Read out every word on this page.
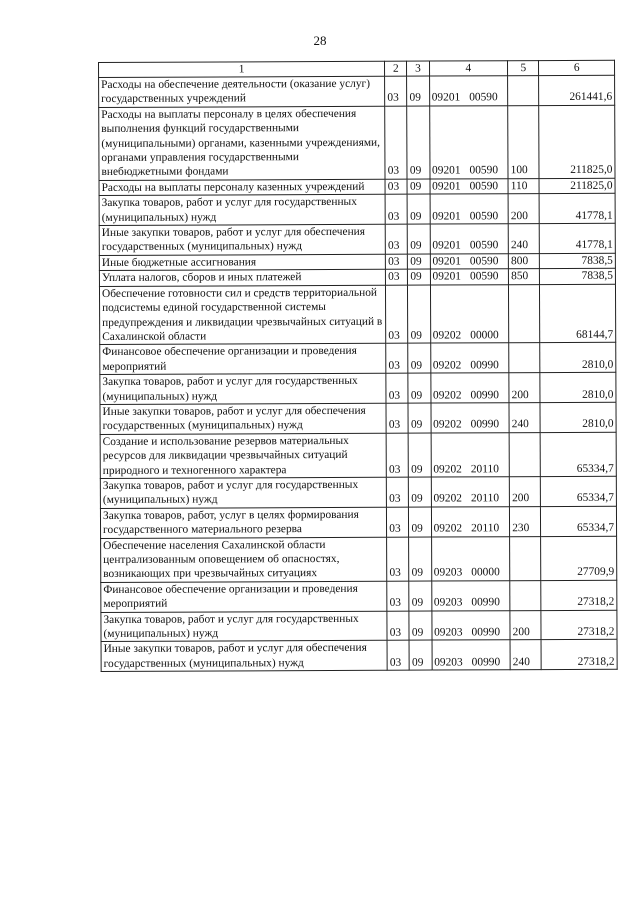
28
1	2	3	4	5	6
Расходы на обеспечение деятельности (оказание услуг) государственных учреждений	03	09	09201 00590		261441,6
Расходы на выплаты персоналу в целях обеспечения выполнения функций государственными (муниципальными) органами, казенными учреждениями, органами управления государственными внебюджетными фондами	03	09	09201 00590	100	211825,0
Расходы на выплаты персоналу казенных учреждений	03	09	09201 00590	110	211825,0
Закупка товаров, работ и услуг для государственных (муниципальных) нужд	03	09	09201 00590	200	41778,1
Иные закупки товаров, работ и услуг для обеспечения государственных (муниципальных) нужд	03	09	09201 00590	240	41778,1
Иные бюджетные ассигнования	03	09	09201 00590	800	7838,5
Уплата налогов, сборов и иных платежей	03	09	09201 00590	850	7838,5
Обеспечение готовности сил и средств территориальной подсистемы единой государственной системы предупреждения и ликвидации чрезвычайных ситуаций в Сахалинской области	03	09	09202 00000		68144,7
Финансовое обеспечение организации и проведения мероприятий	03	09	09202 00990		2810,0
Закупка товаров, работ и услуг для государственных (муниципальных) нужд	03	09	09202 00990	200	2810,0
Иные закупки товаров, работ и услуг для обеспечения государственных (муниципальных) нужд	03	09	09202 00990	240	2810,0
Создание и использование резервов материальных ресурсов для ликвидации чрезвычайных ситуаций природного и техногенного характера	03	09	09202 20110		65334,7
Закупка товаров, работ и услуг для государственных (муниципальных) нужд	03	09	09202 20110	200	65334,7
Закупка товаров, работ, услуг в целях формирования государственного материального резерва	03	09	09202 20110	230	65334,7
Обеспечение населения Сахалинской области централизованным оповещением об опасностях, возникающих при чрезвычайных ситуациях	03	09	09203 00000		27709,9
Финансовое обеспечение организации и проведения мероприятий	03	09	09203 00990		27318,2
Закупка товаров, работ и услуг для государственных (муниципальных) нужд	03	09	09203 00990	200	27318,2
Иные закупки товаров, работ и услуг для обеспечения государственных (муниципальных) нужд	03	09	09203 00990	240	27318,2
